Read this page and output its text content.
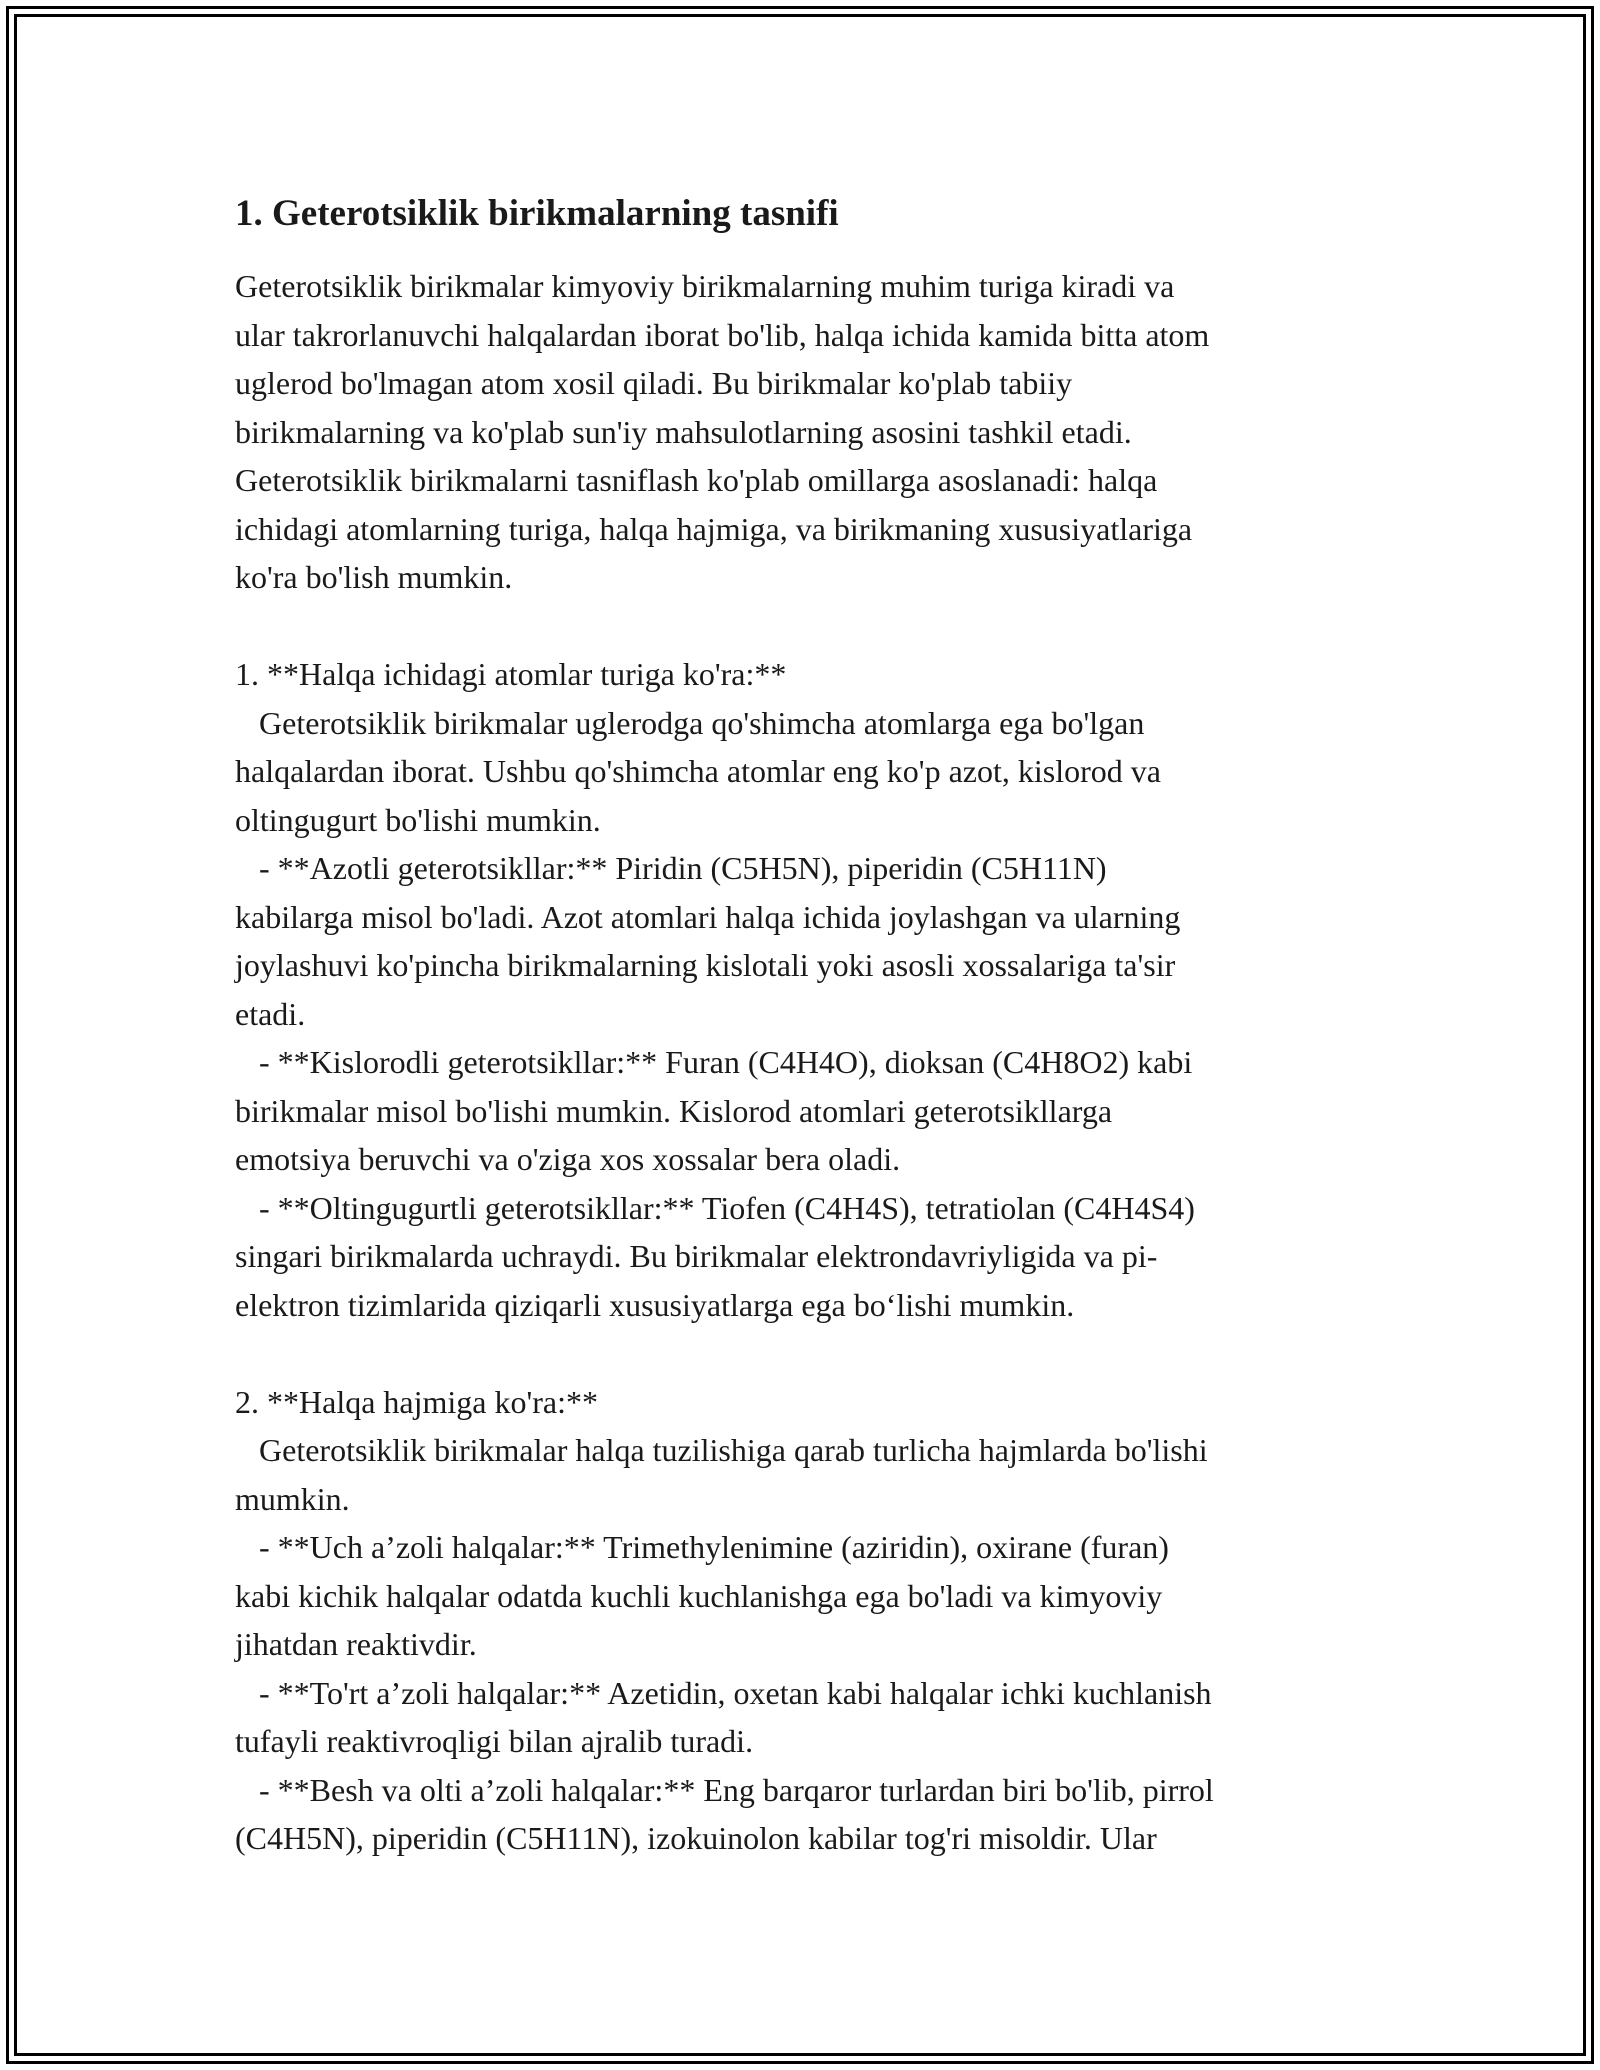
1. Geterotsiklik birikmalarning tasnifi
Geterotsiklik birikmalar kimyoviy birikmalarning muhim turiga kiradi va
ular takrorlanuvchi halqalardan iborat bo'lib, halqa ichida kamida bitta atom
uglerod bo'lmagan atom xosil qiladi. Bu birikmalar ko'plab tabiiy
birikmalarning va ko'plab sun'iy mahsulotlarning asosini tashkil etadi.
Geterotsiklik birikmalarni tasniflash ko'plab omillarga asoslanadi: halqa
ichidagi atomlarning turiga, halqa hajmiga, va birikmaning xususiyatlariga
ko'ra bo'lish mumkin.
1. **Halqa ichidagi atomlar turiga ko'ra:**
Geterotsiklik birikmalar uglerodga qo'shimcha atomlarga ega bo'lgan
halqalardan iborat. Ushbu qo'shimcha atomlar eng ko'p azot, kislorod va
oltingugurt bo'lishi mumkin.
- **Azotli geterotsikllar:** Piridin (C5H5N), piperidin (C5H11N)
kabilarga misol bo'ladi. Azot atomlari halqa ichida joylashgan va ularning
joylashuvi ko'pincha birikmalarning kislotali yoki asosli xossalariga ta'sir
etadi.
- **Kislorodli geterotsikllar:** Furan (C4H4O), dioksan (C4H8O2) kabi
birikmalar misol bo'lishi mumkin. Kislorod atomlari geterotsikllarga
emotsiya beruvchi va o'ziga xos xossalar bera oladi.
- **Oltingugurtli geterotsikllar:** Tiofen (C4H4S), tetratiolan (C4H4S4)
singari birikmalarda uchraydi. Bu birikmalar elektrondavriyligida va pi-
elektron tizimlarida qiziqarli xususiyatlarga ega bo‘lishi mumkin.
2. **Halqa hajmiga ko'ra:**
Geterotsiklik birikmalar halqa tuzilishiga qarab turlicha hajmlarda bo'lishi
mumkin.
- **Uch a’zoli halqalar:** Trimethylenimine (aziridin), oxirane (furan)
kabi kichik halqalar odatda kuchli kuchlanishga ega bo'ladi va kimyoviy
jihatdan reaktivdir.
- **To'rt a’zoli halqalar:** Azetidin, oxetan kabi halqalar ichki kuchlanish
tufayli reaktivroqligi bilan ajralib turadi.
- **Besh va olti a’zoli halqalar:** Eng barqaror turlardan biri bo'lib, pirrol
(C4H5N), piperidin (C5H11N), izokuinolon kabilar tog'ri misoldir. Ular
